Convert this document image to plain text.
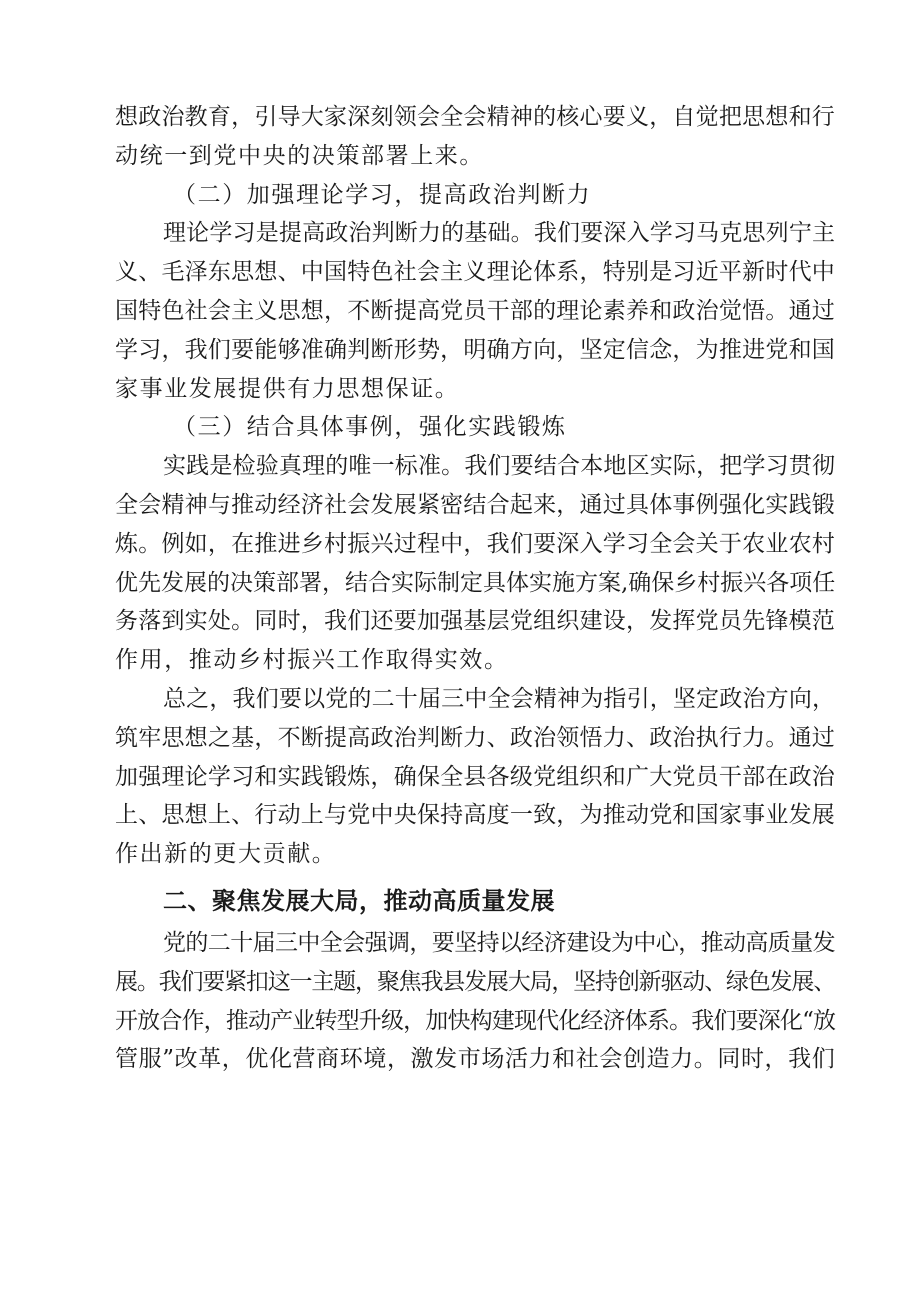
想政治教育，引导大家深刻领会全会精神的核心要义，自觉把思想和行
动统一到党中央的决策部署上来。

（二）加强理论学习，提高政治判断力

理论学习是提高政治判断力的基础。我们要深入学习马克思列宁主
义、毛泽东思想、中国特色社会主义理论体系，特别是习近平新时代中
国特色社会主义思想，不断提高党员干部的理论素养和政治觉悟。通过
学习，我们要能够准确判断形势，明确方向，坚定信念，为推进党和国
家事业发展提供有力思想保证。

（三）结合具体事例，强化实践锻炼

实践是检验真理的唯一标准。我们要结合本地区实际，把学习贯彻
全会精神与推动经济社会发展紧密结合起来，通过具体事例强化实践锻
炼。例如，在推进乡村振兴过程中，我们要深入学习全会关于农业农村
优先发展的决策部署，结合实际制定具体实施方案,确保乡村振兴各项任
务落到实处。同时，我们还要加强基层党组织建设，发挥党员先锋模范
作用，推动乡村振兴工作取得实效。

总之，我们要以党的二十届三中全会精神为指引，坚定政治方向，
筑牢思想之基，不断提高政治判断力、政治领悟力、政治执行力。通过
加强理论学习和实践锻炼，确保全县各级党组织和广大党员干部在政治
上、思想上、行动上与党中央保持高度一致，为推动党和国家事业发展
作出新的更大贡献。

二、聚焦发展大局，推动高质量发展

党的二十届三中全会强调，要坚持以经济建设为中心，推动高质量发
展。我们要紧扣这一主题，聚焦我县发展大局，坚持创新驱动、绿色发展、
开放合作，推动产业转型升级，加快构建现代化经济体系。我们要深化“放
管服”改革，优化营商环境，激发市场活力和社会创造力。同时，我们
